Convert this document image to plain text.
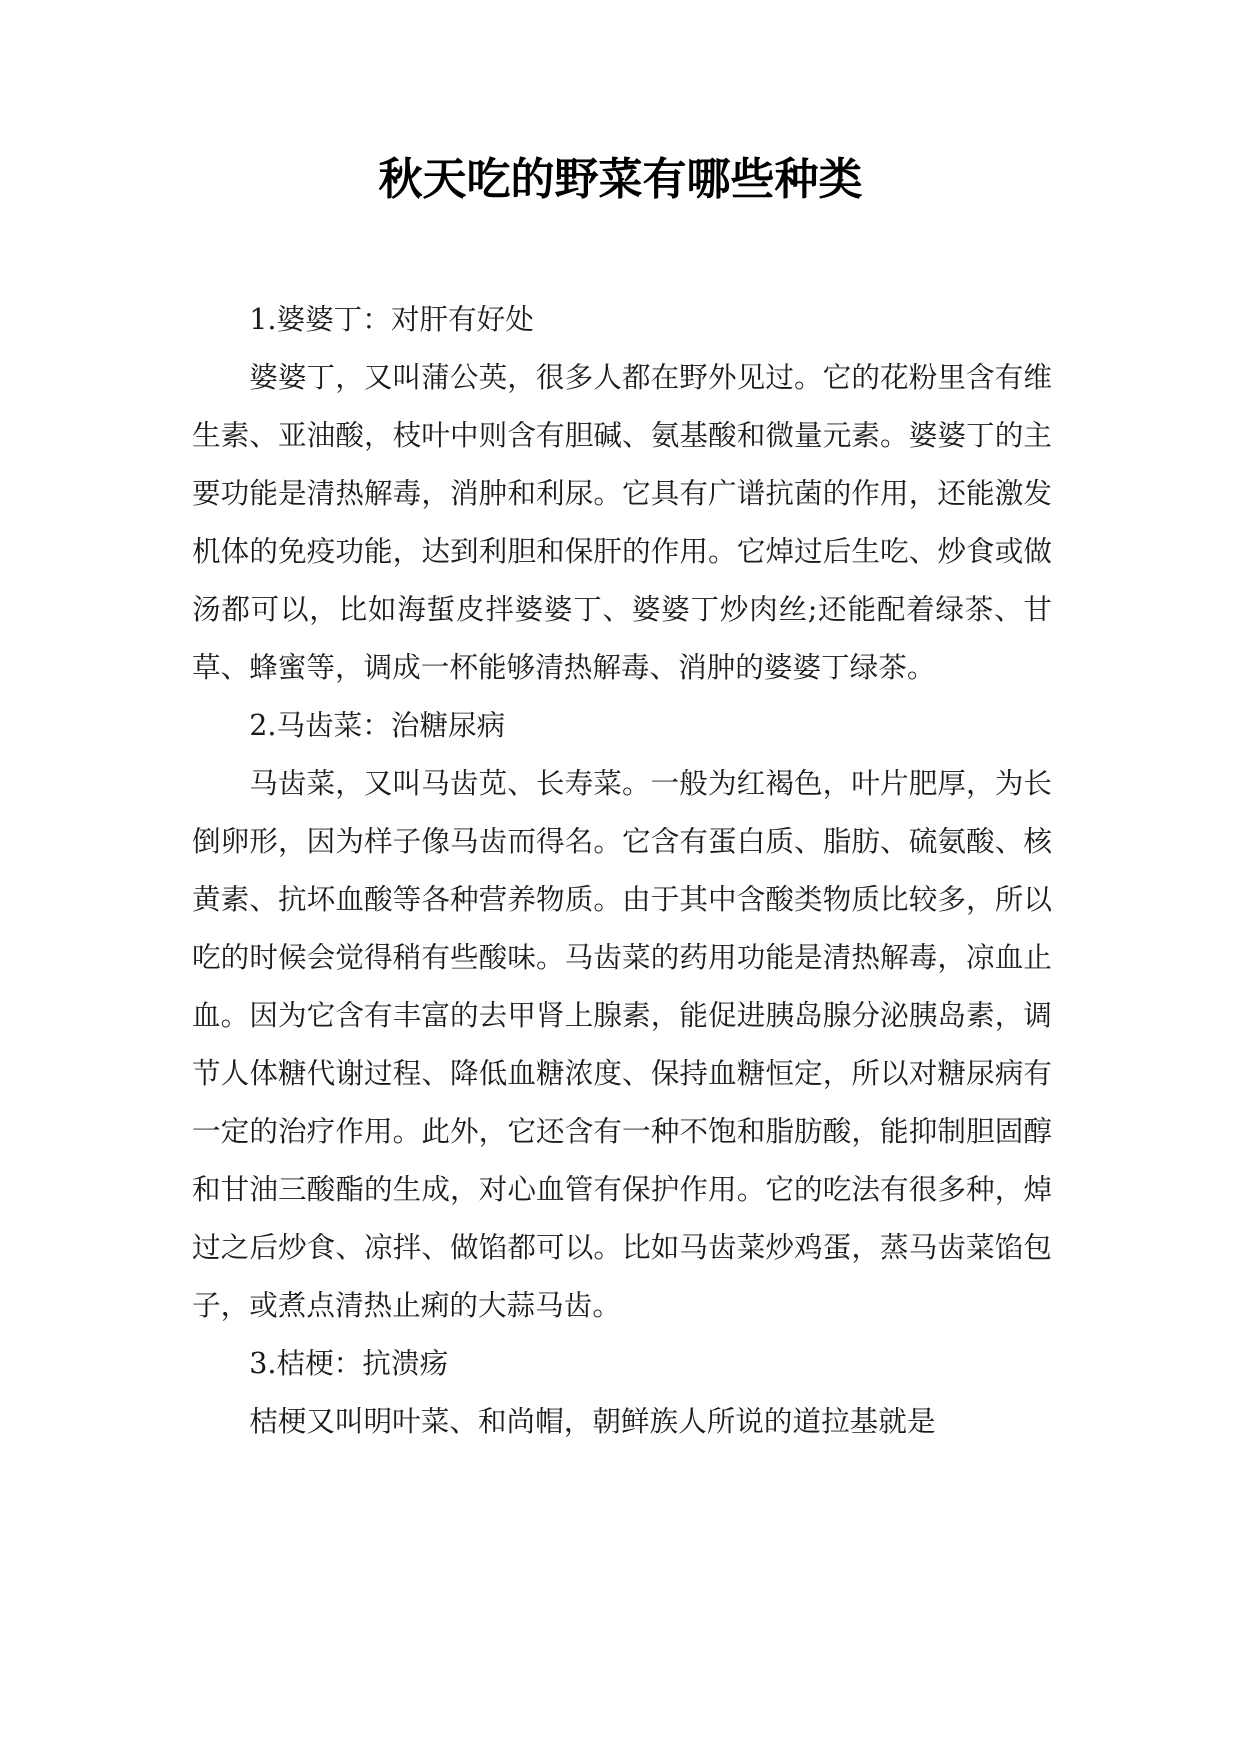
秋天吃的野菜有哪些种类

1.婆婆丁：对肝有好处

婆婆丁，又叫蒲公英，很多人都在野外见过。它的花粉里含有维生素、亚油酸，枝叶中则含有胆碱、氨基酸和微量元素。婆婆丁的主要功能是清热解毒，消肿和利尿。它具有广谱抗菌的作用，还能激发机体的免疫功能，达到利胆和保肝的作用。它焯过后生吃、炒食或做汤都可以，比如海蜇皮拌婆婆丁、婆婆丁炒肉丝;还能配着绿茶、甘草、蜂蜜等，调成一杯能够清热解毒、消肿的婆婆丁绿茶。

2.马齿菜：治糖尿病

马齿菜，又叫马齿苋、长寿菜。一般为红褐色，叶片肥厚，为长倒卵形，因为样子像马齿而得名。它含有蛋白质、脂肪、硫氨酸、核黄素、抗坏血酸等各种营养物质。由于其中含酸类物质比较多，所以吃的时候会觉得稍有些酸味。马齿菜的药用功能是清热解毒，凉血止血。因为它含有丰富的去甲肾上腺素，能促进胰岛腺分泌胰岛素，调节人体糖代谢过程、降低血糖浓度、保持血糖恒定，所以对糖尿病有一定的治疗作用。此外，它还含有一种不饱和脂肪酸，能抑制胆固醇和甘油三酸酯的生成，对心血管有保护作用。它的吃法有很多种，焯过之后炒食、凉拌、做馅都可以。比如马齿菜炒鸡蛋，蒸马齿菜馅包子，或煮点清热止痢的大蒜马齿。

3.桔梗：抗溃疡

桔梗又叫明叶菜、和尚帽，朝鲜族人所说的道拉基就是
